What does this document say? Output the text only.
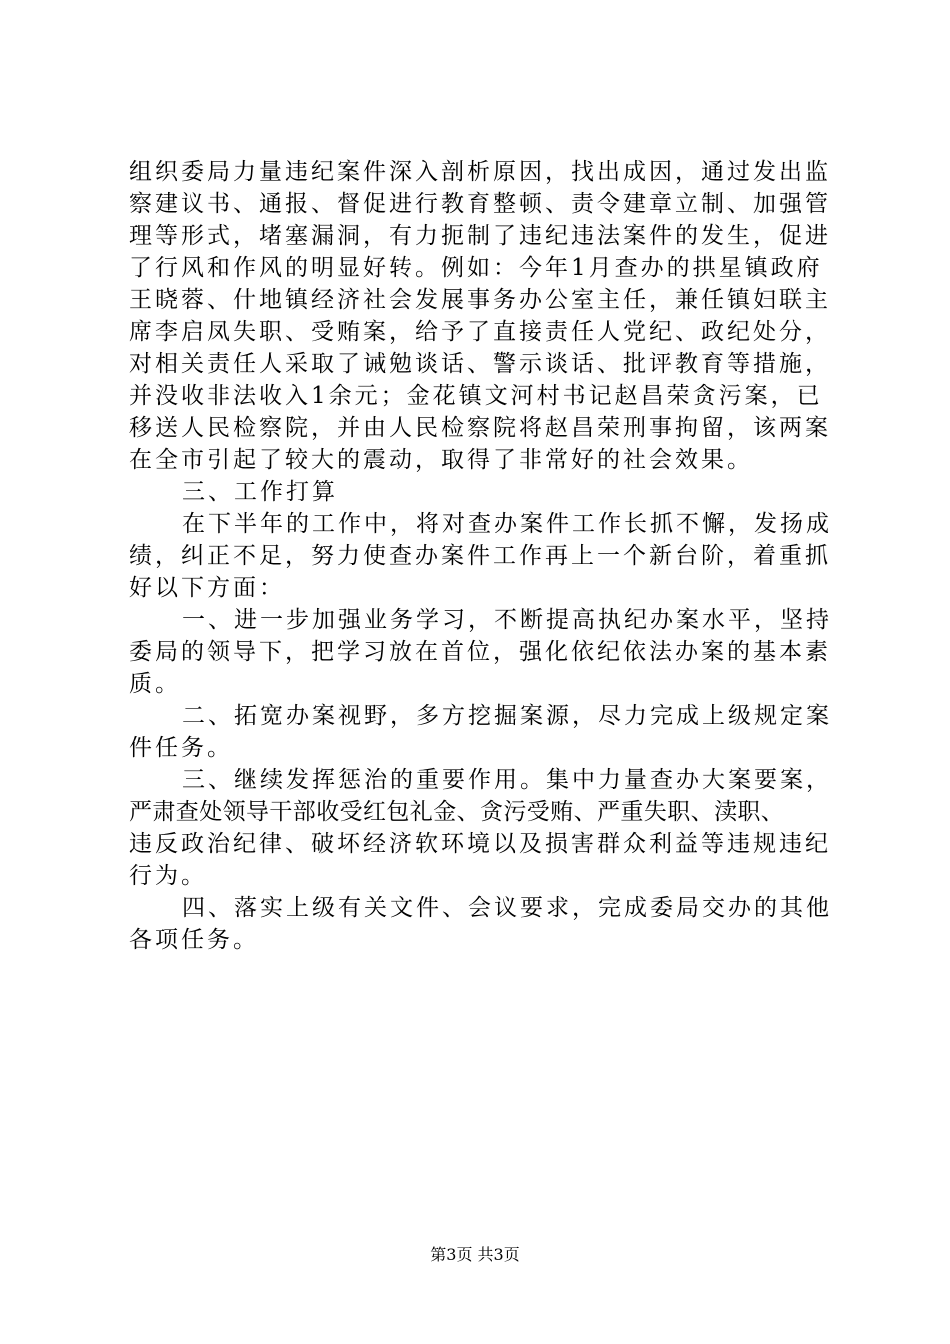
组织委局力量违纪案件深入剖析原因，找出成因，通过发出监
察建议书、通报、督促进行教育整顿、责令建章立制、加强管
理等形式，堵塞漏洞，有力扼制了违纪违法案件的发生，促进
了行风和作风的明显好转。例如：今年1月查办的拱星镇政府
王晓蓉、什地镇经济社会发展事务办公室主任，兼任镇妇联主
席李启凤失职、受贿案，给予了直接责任人党纪、政纪处分，
对相关责任人采取了诫勉谈话、警示谈话、批评教育等措施，
并没收非法收入1余元；金花镇文河村书记赵昌荣贪污案，已
移送人民检察院，并由人民检察院将赵昌荣刑事拘留，该两案
在全市引起了较大的震动，取得了非常好的社会效果。
三、工作打算
在下半年的工作中，将对查办案件工作长抓不懈，发扬成
绩，纠正不足，努力使查办案件工作再上一个新台阶，着重抓
好以下方面：
一、进一步加强业务学习，不断提高执纪办案水平，坚持
委局的领导下，把学习放在首位，强化依纪依法办案的基本素
质。
二、拓宽办案视野，多方挖掘案源，尽力完成上级规定案
件任务。
三、继续发挥惩治的重要作用。集中力量查办大案要案，
严肃查处领导干部收受红包礼金、贪污受贿、严重失职、渎职、
违反政治纪律、破坏经济软环境以及损害群众利益等违规违纪
行为。
四、落实上级有关文件、会议要求，完成委局交办的其他
各项任务。
第3页 共3页
